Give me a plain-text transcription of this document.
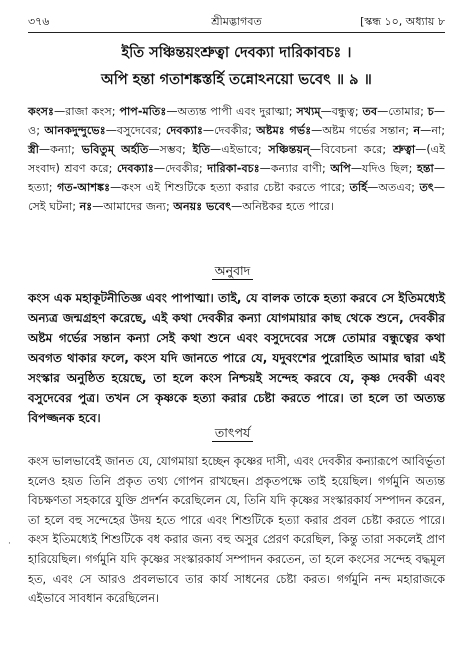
৩৭৬	শ্রীমদ্ভাগবত	[স্কন্ধ ১০, অধ্যায় ৮
ইতি সঞ্চিন্তয়ংশ্রুত্বা দেবক্যা দারিকাবচঃ ।
অপি হন্তা গতাশঙ্কস্তর্হি তন্নোঽনয়ো ভবেৎ ॥ ৯ ॥
কংসঃ—রাজা কংস; পাপ-মতিঃ—অত্যন্ত পাপী এবং দুরাত্মা; সখ্যম্—বন্ধুত্ব; তব—তোমার; চ—ও; আনকদুন্দুভেঃ—বসুদেবের; দেবক্যাঃ—দেবকীর; অষ্টমঃ গর্ভঃ—অষ্টম গর্ভের সন্তান; ন—না; স্ত্রী—কন্যা; ভবিতুম্ অর্হতি—সম্ভব; ইতি—এইভাবে; সঞ্চিন্তয়ন্—বিবেচনা করে; শ্রুত্বা—(এই সংবাদ) শ্রবণ করে; দেবক্যাঃ—দেবকীর; দারিকা-বচঃ—কন্যার বাণী; অপি—যদিও ছিল; হন্তা—হত্যা; গত-আশঙ্কঃ—কংস এই শিশুটিকে হত্যা করার চেষ্টা করতে পারে; তর্হি—অতএব; তৎ—সেই ঘটনা; নঃ—আমাদের জন্য; অনয়ঃ ভবেৎ—অনিষ্টকর হতে পারে।
অনুবাদ
কংস এক মহাকূটনীতিজ্ঞ এবং পাপাত্মা। তাই, যে বালক তাকে হত্যা করবে সে ইতিমধ্যেই অন্যত্র জন্মগ্রহণ করেছে, এই কথা দেবকীর কন্যা যোগমায়ার কাছ থেকে শুনে, দেবকীর অষ্টম গর্ভের সন্তান কন্যা সেই কথা শুনে এবং বসুদেবের সঙ্গে তোমার বন্ধুত্বের কথা অবগত থাকার ফলে, কংস যদি জানতে পারে যে, যদুবংশের পুরোহিত আমার দ্বারা এই সংস্কার অনুষ্ঠিত হয়েছে, তা হলে কংস নিশ্চয়ই সন্দেহ করবে যে, কৃষ্ণ দেবকী এবং বসুদেবের পুত্র। তখন সে কৃষ্ণকে হত্যা করার চেষ্টা করতে পারে। তা হলে তা অত্যন্ত বিপজ্জনক হবে।
তাৎপর্য
কংস ভালভাবেই জানত যে, যোগমায়া হচ্ছেন কৃষ্ণের দাসী, এবং দেবকীর কন্যারূপে আবির্ভূতা হলেও হয়ত তিনি প্রকৃত তথ্য গোপন রাখছেন। প্রকৃতপক্ষে তাই হয়েছিল। গর্গমুনি অত্যন্ত বিচক্ষণতা সহকারে যুক্তি প্রদর্শন করেছিলেন যে, তিনি যদি কৃষ্ণের সংস্কারকার্য সম্পাদন করেন, তা হলে বহু সন্দেহের উদয় হতে পারে এবং শিশুটিকে হত্যা করার প্রবল চেষ্টা করতে পারে। কংস ইতিমধ্যেই শিশুটিকে বধ করার জন্য বহু অসুর প্রেরণ করেছিল, কিন্তু তারা সকলেই প্রাণ হারিয়েছিল। গর্গমুনি যদি কৃষ্ণের সংস্কারকার্য সম্পাদন করতেন, তা হলে কংসের সন্দেহ বদ্ধমূল হত, এবং সে আরও প্রবলভাবে তার কার্য সাধনের চেষ্টা করত। গর্গমুনি নন্দ মহারাজকে এইভাবে সাবধান করেছিলেন।
·
